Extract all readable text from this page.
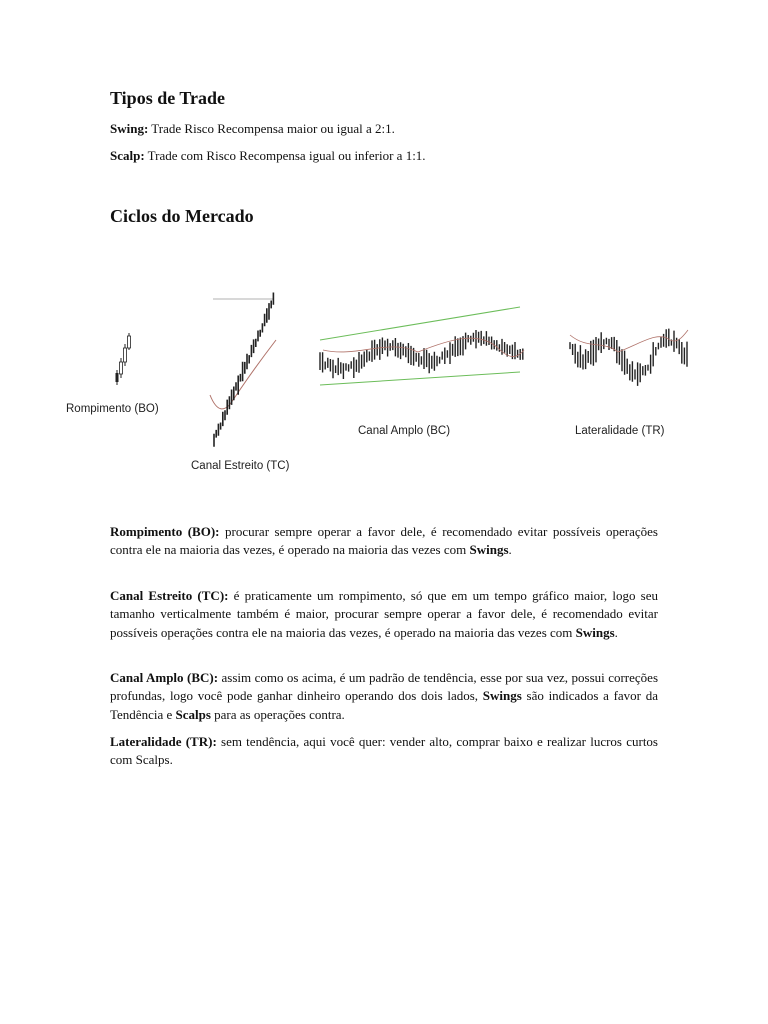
Tipos de Trade

Swing: Trade Risco Recompensa maior ou igual a 2:1.

Scalp: Trade com Risco Recompensa igual ou inferior a 1:1.

Ciclos do Mercado
Rompimento (BO)
Canal Estreito (TC)
Canal Amplo (BC)	Lateralidade (TR)

Rompimento (BO): procurar sempre operar a favor dele, é recomendado evitar possíveis operações contra ele na maioria das vezes, é operado na maioria das vezes com Swings.

Canal Estreito (TC): é praticamente um rompimento, só que em um tempo gráfico maior, logo seu tamanho verticalmente também é maior, procurar sempre operar a favor dele, é recomendado evitar possíveis operações contra ele na maioria das vezes, é operado na maioria das vezes com Swings.

Canal Amplo (BC): assim como os acima, é um padrão de tendência, esse por sua vez, possui correções profundas, logo você pode ganhar dinheiro operando dos dois lados, Swings são indicados a favor da Tendência e Scalps para as operações contra.

Lateralidade (TR): sem tendência, aqui você quer: vender alto, comprar baixo e realizar lucros curtos com Scalps.
